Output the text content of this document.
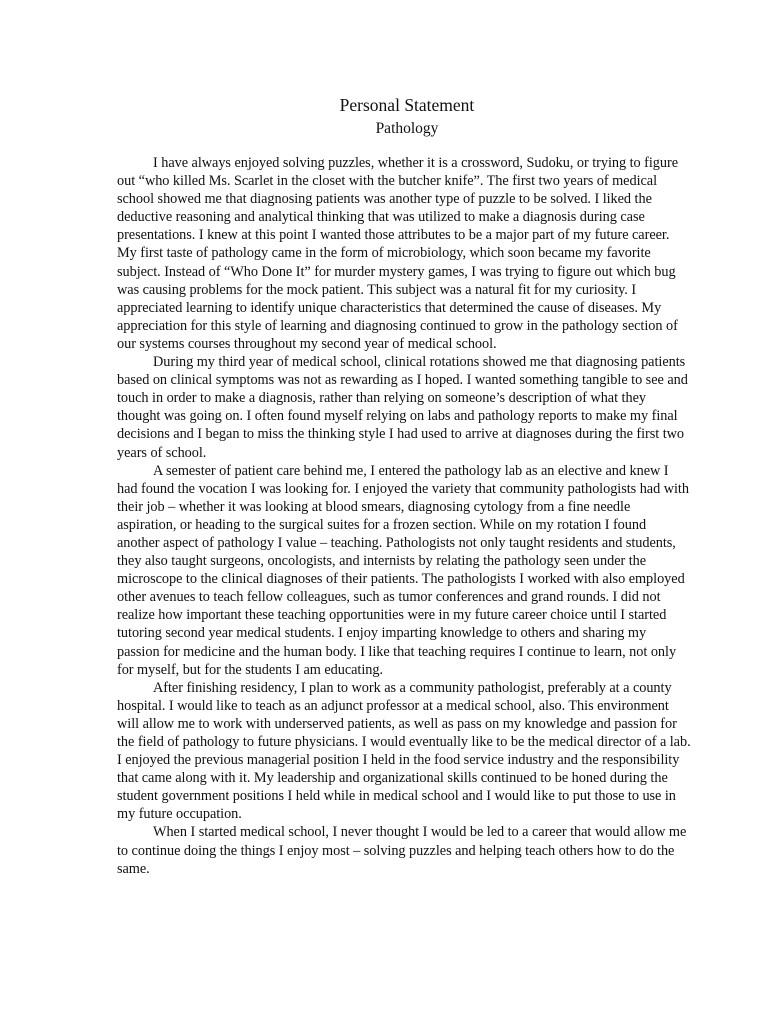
Personal Statement
Pathology

I have always enjoyed solving puzzles, whether it is a crossword, Sudoku, or trying to figure out “who killed Ms. Scarlet in the closet with the butcher knife”. The first two years of medical school showed me that diagnosing patients was another type of puzzle to be solved. I liked the deductive reasoning and analytical thinking that was utilized to make a diagnosis during case presentations. I knew at this point I wanted those attributes to be a major part of my future career. My first taste of pathology came in the form of microbiology, which soon became my favorite subject. Instead of “Who Done It” for murder mystery games, I was trying to figure out which bug was causing problems for the mock patient. This subject was a natural fit for my curiosity. I appreciated learning to identify unique characteristics that determined the cause of diseases. My appreciation for this style of learning and diagnosing continued to grow in the pathology section of our systems courses throughout my second year of medical school.

During my third year of medical school, clinical rotations showed me that diagnosing patients based on clinical symptoms was not as rewarding as I hoped. I wanted something tangible to see and touch in order to make a diagnosis, rather than relying on someone’s description of what they thought was going on. I often found myself relying on labs and pathology reports to make my final decisions and I began to miss the thinking style I had used to arrive at diagnoses during the first two years of school.

A semester of patient care behind me, I entered the pathology lab as an elective and knew I had found the vocation I was looking for. I enjoyed the variety that community pathologists had with their job – whether it was looking at blood smears, diagnosing cytology from a fine needle aspiration, or heading to the surgical suites for a frozen section. While on my rotation I found another aspect of pathology I value – teaching. Pathologists not only taught residents and students, they also taught surgeons, oncologists, and internists by relating the pathology seen under the microscope to the clinical diagnoses of their patients. The pathologists I worked with also employed other avenues to teach fellow colleagues, such as tumor conferences and grand rounds. I did not realize how important these teaching opportunities were in my future career choice until I started tutoring second year medical students. I enjoy imparting knowledge to others and sharing my passion for medicine and the human body. I like that teaching requires I continue to learn, not only for myself, but for the students I am educating.

After finishing residency, I plan to work as a community pathologist, preferably at a county hospital. I would like to teach as an adjunct professor at a medical school, also. This environment will allow me to work with underserved patients, as well as pass on my knowledge and passion for the field of pathology to future physicians. I would eventually like to be the medical director of a lab. I enjoyed the previous managerial position I held in the food service industry and the responsibility that came along with it. My leadership and organizational skills continued to be honed during the student government positions I held while in medical school and I would like to put those to use in my future occupation.

When I started medical school, I never thought I would be led to a career that would allow me to continue doing the things I enjoy most – solving puzzles and helping teach others how to do the same.
